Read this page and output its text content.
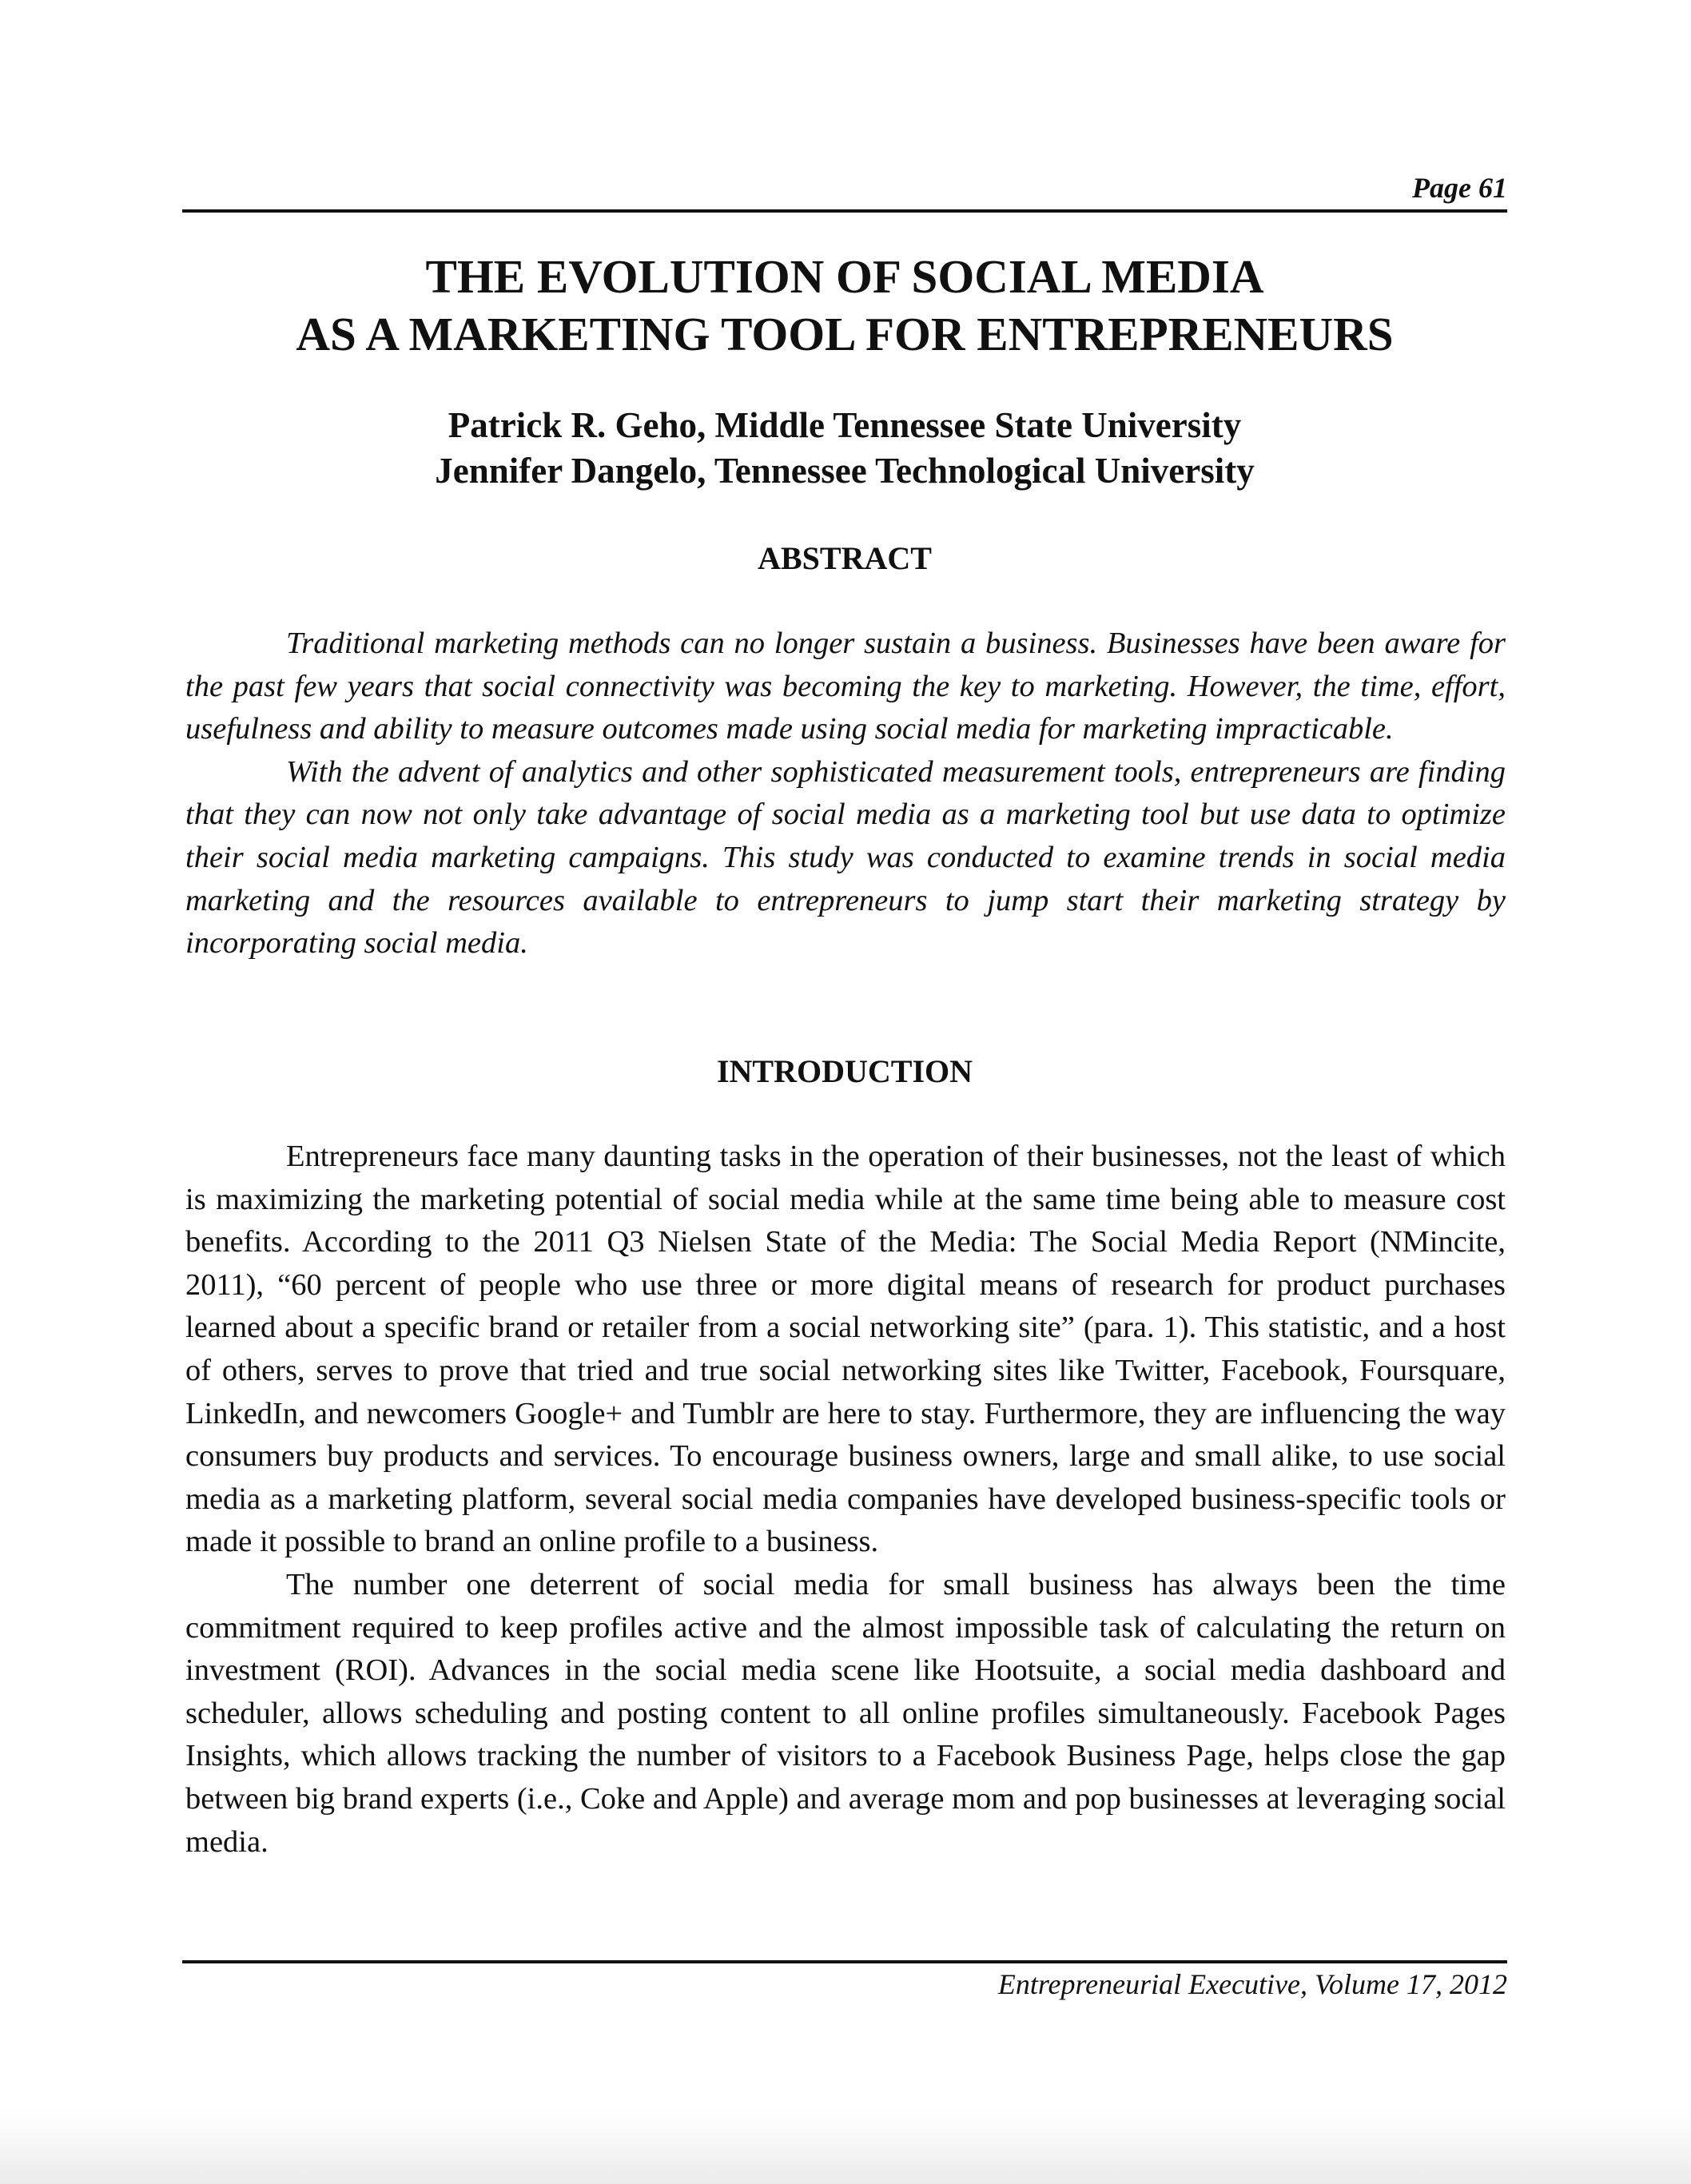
Page 61
THE EVOLUTION OF SOCIAL MEDIA
AS A MARKETING TOOL FOR ENTREPRENEURS
Patrick R. Geho, Middle Tennessee State University
Jennifer Dangelo, Tennessee Technological University
ABSTRACT

Traditional marketing methods can no longer sustain a business. Businesses have been aware for the past few years that social connectivity was becoming the key to marketing. However, the time, effort, usefulness and ability to measure outcomes made using social media for marketing impracticable.

With the advent of analytics and other sophisticated measurement tools, entrepreneurs are finding that they can now not only take advantage of social media as a marketing tool but use data to optimize their social media marketing campaigns. This study was conducted to examine trends in social media marketing and the resources available to entrepreneurs to jump start their marketing strategy by incorporating social media.

INTRODUCTION

Entrepreneurs face many daunting tasks in the operation of their businesses, not the least of which is maximizing the marketing potential of social media while at the same time being able to measure cost benefits. According to the 2011 Q3 Nielsen State of the Media: The Social Media Report (NMincite, 2011), “60 percent of people who use three or more digital means of research for product purchases learned about a specific brand or retailer from a social networking site” (para. 1). This statistic, and a host of others, serves to prove that tried and true social networking sites like Twitter, Facebook, Foursquare, LinkedIn, and newcomers Google+ and Tumblr are here to stay. Furthermore, they are influencing the way consumers buy products and services. To encourage business owners, large and small alike, to use social media as a marketing platform, several social media companies have developed business-specific tools or made it possible to brand an online profile to a business.

The number one deterrent of social media for small business has always been the time commitment required to keep profiles active and the almost impossible task of calculating the return on investment (ROI). Advances in the social media scene like Hootsuite, a social media dashboard and scheduler, allows scheduling and posting content to all online profiles simultaneously. Facebook Pages Insights, which allows tracking the number of visitors to a Facebook Business Page, helps close the gap between big brand experts (i.e., Coke and Apple) and average mom and pop businesses at leveraging social media.

Entrepreneurial Executive, Volume 17, 2012
